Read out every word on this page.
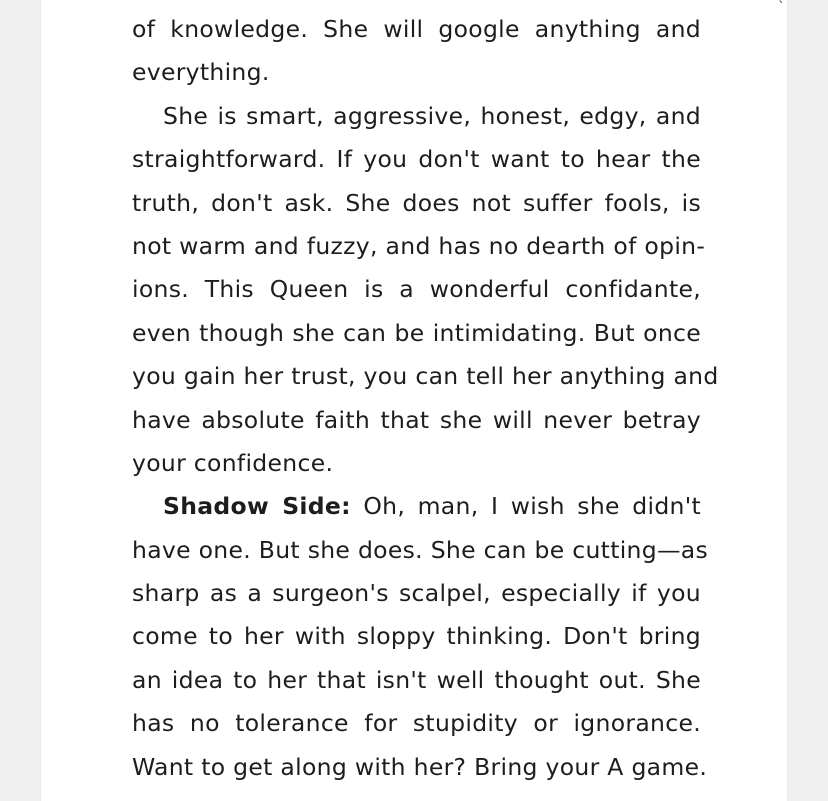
`
of knowledge. She will google anything and
everything.
She is smart, aggressive, honest, edgy, and
straightforward. If you don't want to hear the
truth, don't ask. She does not suffer fools, is
not warm and fuzzy, and has no dearth of opin-
ions. This Queen is a wonderful confidante,
even though she can be intimidating. But once
you gain her trust, you can tell her anything and
have absolute faith that she will never betray
your confidence.
Shadow Side: Oh, man, I wish she didn't
have one. But she does. She can be cutting—as
sharp as a surgeon's scalpel, especially if you
come to her with sloppy thinking. Don't bring
an idea to her that isn't well thought out. She
has no tolerance for stupidity or ignorance.
Want to get along with her? Bring your A game.
